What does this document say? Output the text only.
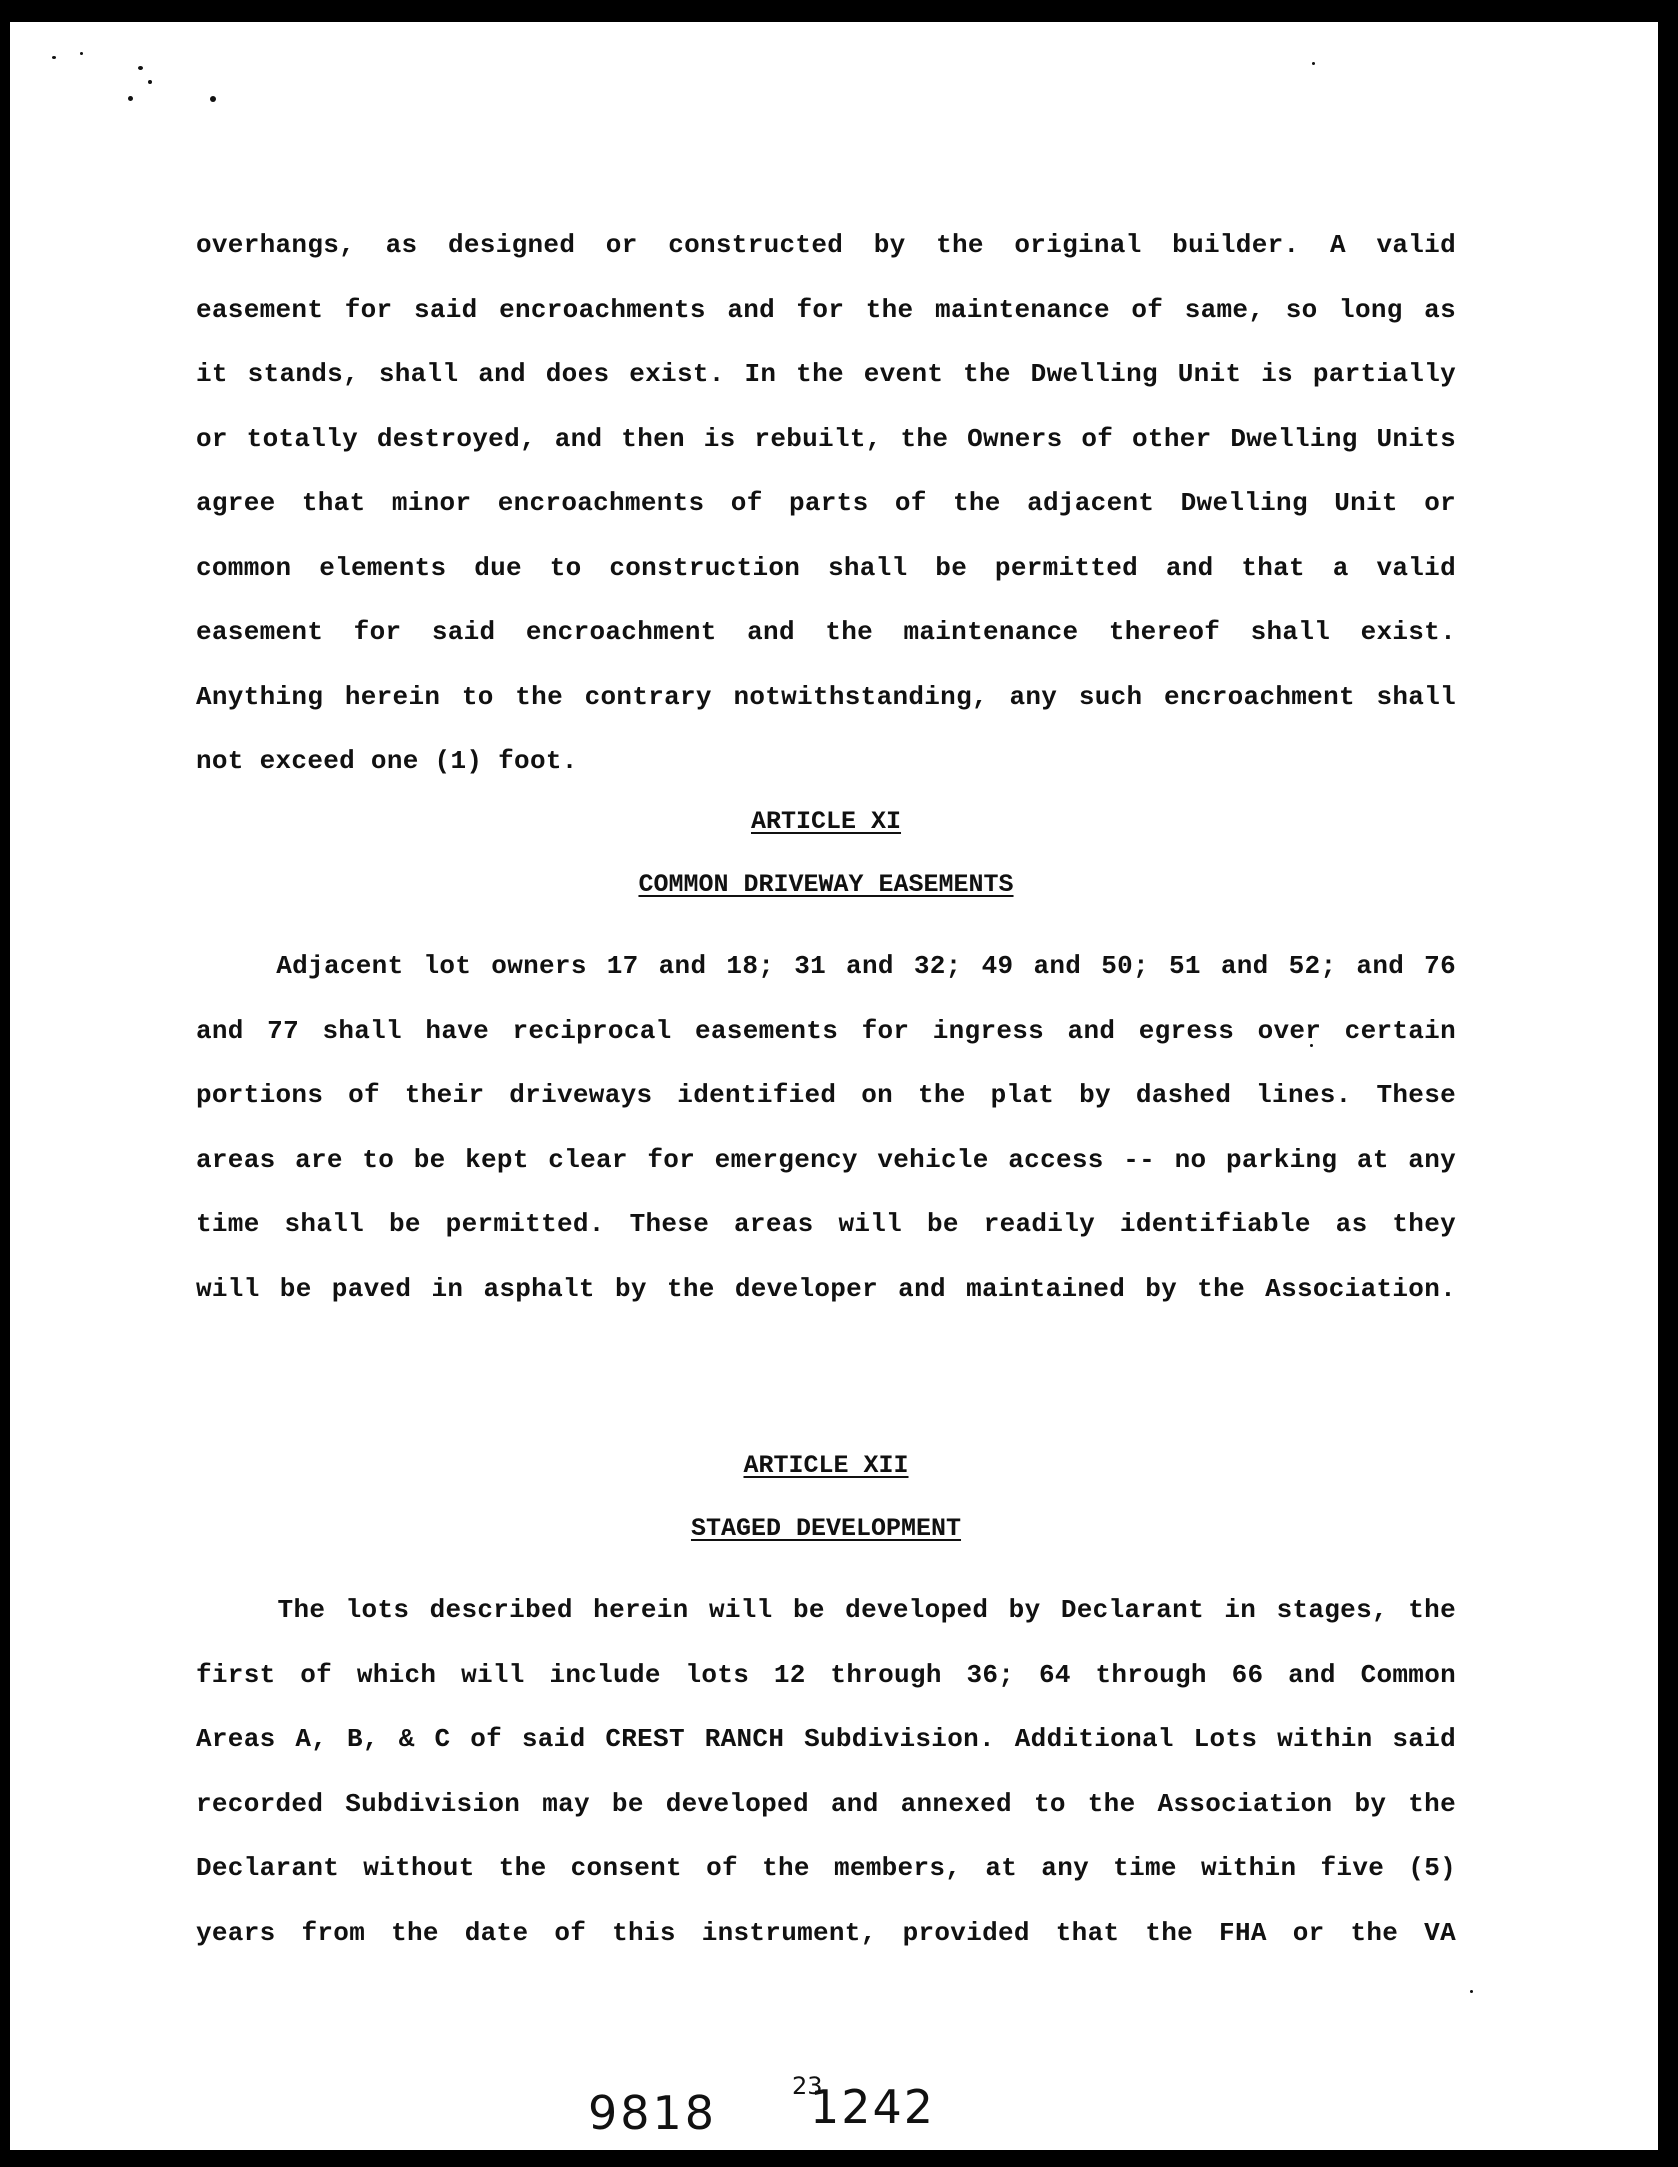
overhangs, as designed or constructed by the original builder. A valid
easement for said encroachments and for the maintenance of same, so long as
it stands, shall and does exist. In the event the Dwelling Unit is partially
or totally destroyed, and then is rebuilt, the Owners of other Dwelling Units
agree that minor encroachments of parts of the adjacent Dwelling Unit or
common elements due to construction shall be permitted and that a valid
easement for said encroachment and the maintenance thereof shall exist.
Anything herein to the contrary notwithstanding, any such encroachment shall
not exceed one (1) foot.
ARTICLE XI
COMMON DRIVEWAY EASEMENTS
Adjacent lot owners 17 and 18; 31 and 32; 49 and 50; 51 and 52; and 76
and 77 shall have reciprocal easements for ingress and egress over certain
portions of their driveways identified on the plat by dashed lines. These
areas are to be kept clear for emergency vehicle access -- no parking at any
time shall be permitted. These areas will be readily identifiable as they
will be paved in asphalt by the developer and maintained by the Association.
ARTICLE XII
STAGED DEVELOPMENT
The lots described herein will be developed by Declarant in stages, the
first of which will include lots 12 through 36; 64 through 66 and Common
Areas A, B, & C of said CREST RANCH Subdivision. Additional Lots within said
recorded Subdivision may be developed and annexed to the Association by the
Declarant without the consent of the members, at any time within five (5)
years from the date of this instrument, provided that the FHA or the VA
9818	23
1242
